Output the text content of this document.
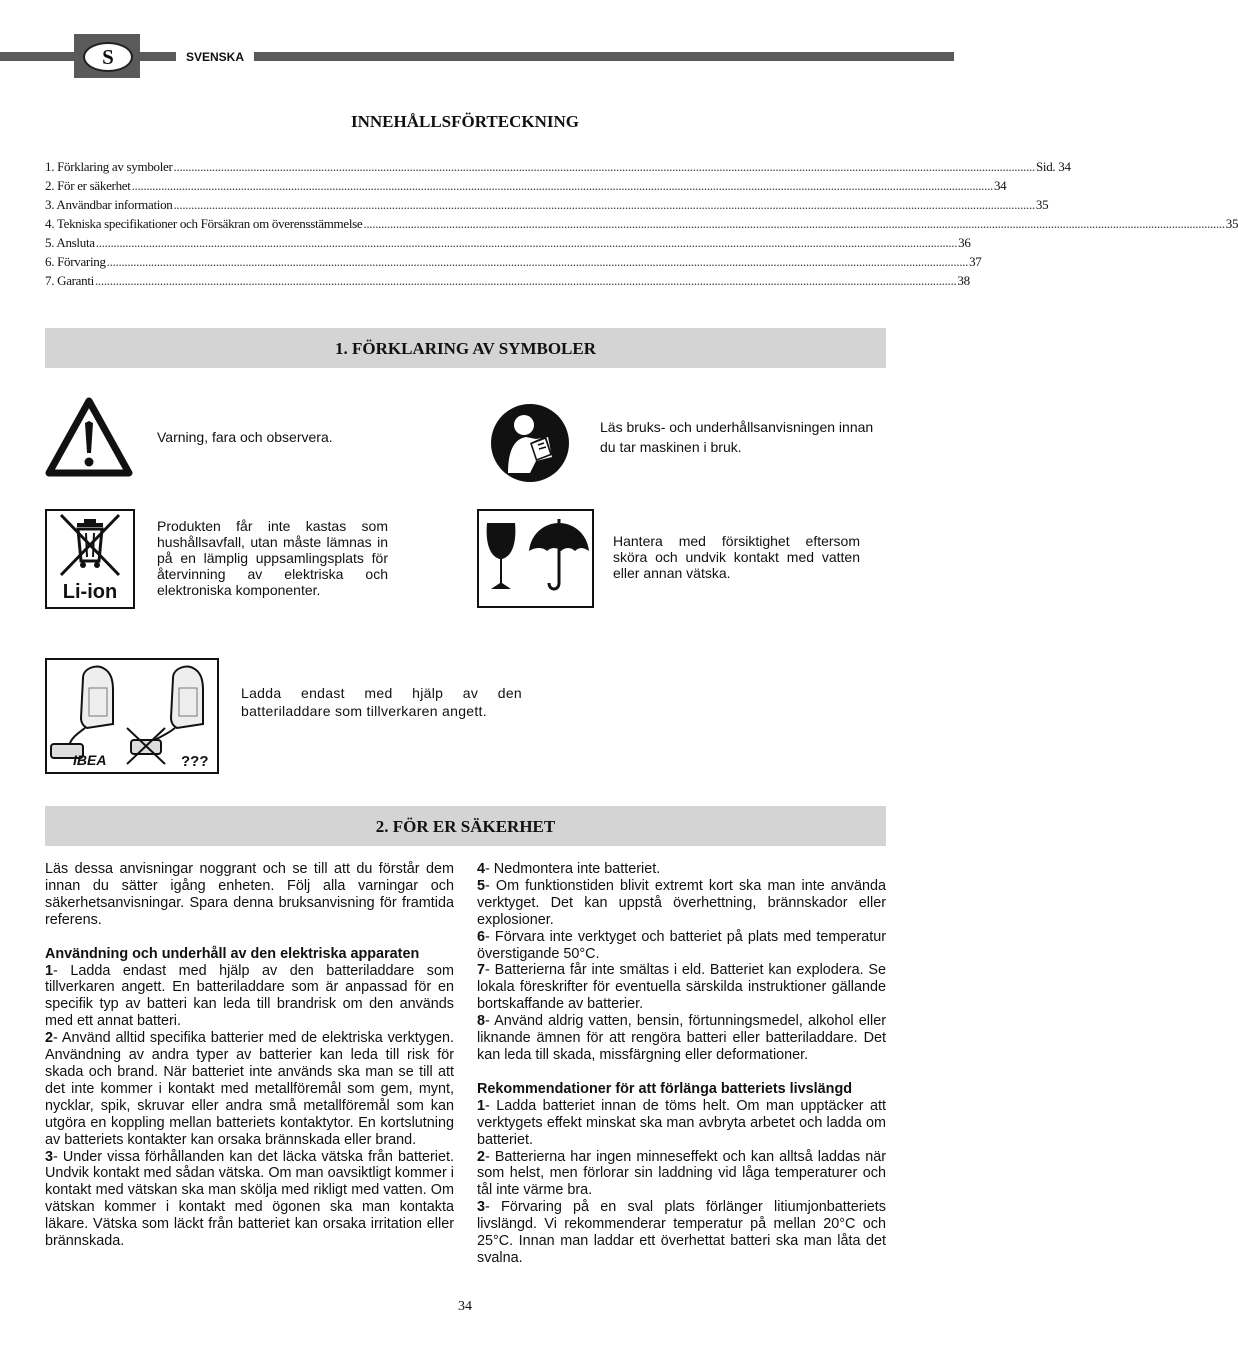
S	SVENSKA
INNEHÅLLSFÖRTECKNING
1. Förklaring av symboler .................................................................................................................................................................................................................................................................................................... Sid. 34
2. För er säkerhet .................................................................................................................................................................................................................................................................................................... 34
3. Användbar information .................................................................................................................................................................................................................................................................................................... 35
4. Tekniska specifikationer och Försäkran om överensstämmelse .................................................................................................................................................................................................................................................................................................... 35
5. Ansluta .................................................................................................................................................................................................................................................................................................... 36
6. Förvaring .................................................................................................................................................................................................................................................................................................... 37
7. Garanti .................................................................................................................................................................................................................................................................................................... 38
1. FÖRKLARING AV SYMBOLER
Varning, fara och observera.
Läs bruks- och underhållsanvisningen innan du tar maskinen i bruk.
Li-ion
Produkten får inte kastas som hushållsavfall, utan måste lämnas in på en lämplig uppsamlingsplats för återvinning av elektriska och elektroniska komponenter.
Hantera med försiktighet eftersom sköra och undvik kontakt med vatten eller annan vätska.
IBEA	???
Ladda endast med hjälp av den batteriladdare som tillverkaren angett.
2. FÖR ER SÄKERHET

Läs dessa anvisningar noggrant och se till att du förstår dem innan du sätter igång enheten. Följ alla varningar och säkerhetsanvisningar. Spara denna bruksanvisning för framtida referens.

Användning och underhåll av den elektriska apparaten

1- Ladda endast med hjälp av den batteriladdare som tillverkaren angett. En batteriladdare som är anpassad för en specifik typ av batteri kan leda till brandrisk om den används med ett annat batteri.

2- Använd alltid specifika batterier med de elektriska verktygen. Användning av andra typer av batterier kan leda till risk för skada och brand. När batteriet inte används ska man se till att det inte kommer i kontakt med metallföremål som gem, mynt, nycklar, spik, skruvar eller andra små metallföremål som kan utgöra en koppling mellan batteriets kontaktytor. En kortslutning av batteriets kontakter kan orsaka brännskada eller brand.

3- Under vissa förhållanden kan det läcka vätska från batteriet. Undvik kontakt med sådan vätska. Om man oavsiktligt kommer i kontakt med vätskan ska man skölja med rikligt med vatten. Om vätskan kommer i kontakt med ögonen ska man kontakta läkare. Vätska som läckt från batteriet kan orsaka irritation eller brännskada.

4- Nedmontera inte batteriet.

5- Om funktionstiden blivit extremt kort ska man inte använda verktyget. Det kan uppstå överhettning, brännskador eller explosioner.

6- Förvara inte verktyget och batteriet på plats med temperatur överstigande 50°C.

7- Batterierna får inte smältas i eld. Batteriet kan explodera. Se lokala föreskrifter för eventuella särskilda instruktioner gällande bortskaffande av batterier.

8- Använd aldrig vatten, bensin, förtunningsmedel, alkohol eller liknande ämnen för att rengöra batteri eller batteriladdare. Det kan leda till skada, missfärgning eller deformationer.

Rekommendationer för att förlänga batteriets livslängd

1- Ladda batteriet innan de töms helt. Om man upptäcker att verktygets effekt minskat ska man avbryta arbetet och ladda om batteriet.

2- Batterierna har ingen minneseffekt och kan alltså laddas när som helst, men förlorar sin laddning vid låga temperaturer och tål inte värme bra.

3- Förvaring på en sval plats förlänger litiumjonbatteriets livslängd. Vi rekommenderar temperatur på mellan 20°C och 25°C. Innan man laddar ett överhettat batteri ska man låta det svalna.

34
